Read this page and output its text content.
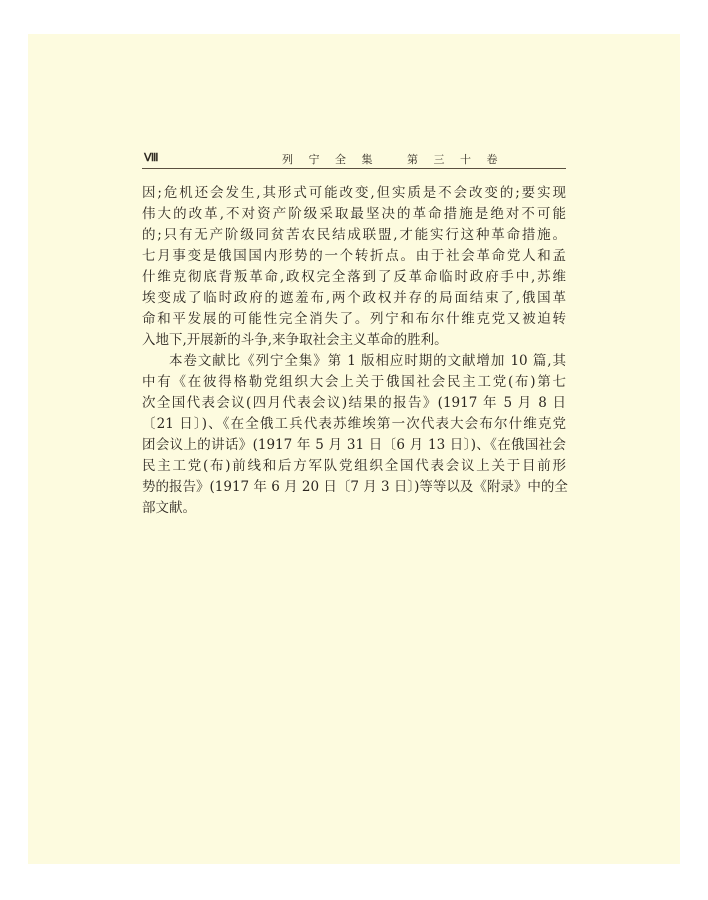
Ⅷ	列 宁 全 集   第 三 十 卷
因;危机还会发生,其形式可能改变,但实质是不会改变的;要实现
伟大的改革,不对资产阶级采取最坚决的革命措施是绝对不可能
的;只有无产阶级同贫苦农民结成联盟,才能实行这种革命措施。
七月事变是俄国国内形势的一个转折点。由于社会革命党人和孟
什维克彻底背叛革命,政权完全落到了反革命临时政府手中,苏维
埃变成了临时政府的遮羞布,两个政权并存的局面结束了,俄国革
命和平发展的可能性完全消失了。列宁和布尔什维克党又被迫转
入地下,开展新的斗争,来争取社会主义革命的胜利。
本卷文献比《列宁全集》第 1 版相应时期的文献增加 10 篇,其
中有《在彼得格勒党组织大会上关于俄国社会民主工党(布)第七
次全国代表会议(四月代表会议)结果的报告》(1917 年 5 月 8 日
〔21 日〕)、《在全俄工兵代表苏维埃第一次代表大会布尔什维克党
团会议上的讲话》(1917 年 5 月 31 日〔6 月 13 日〕)、《在俄国社会
民主工党(布)前线和后方军队党组织全国代表会议上关于目前形
势的报告》(1917 年 6 月 20 日〔7 月 3 日〕)等等以及《附录》中的全
部文献。
